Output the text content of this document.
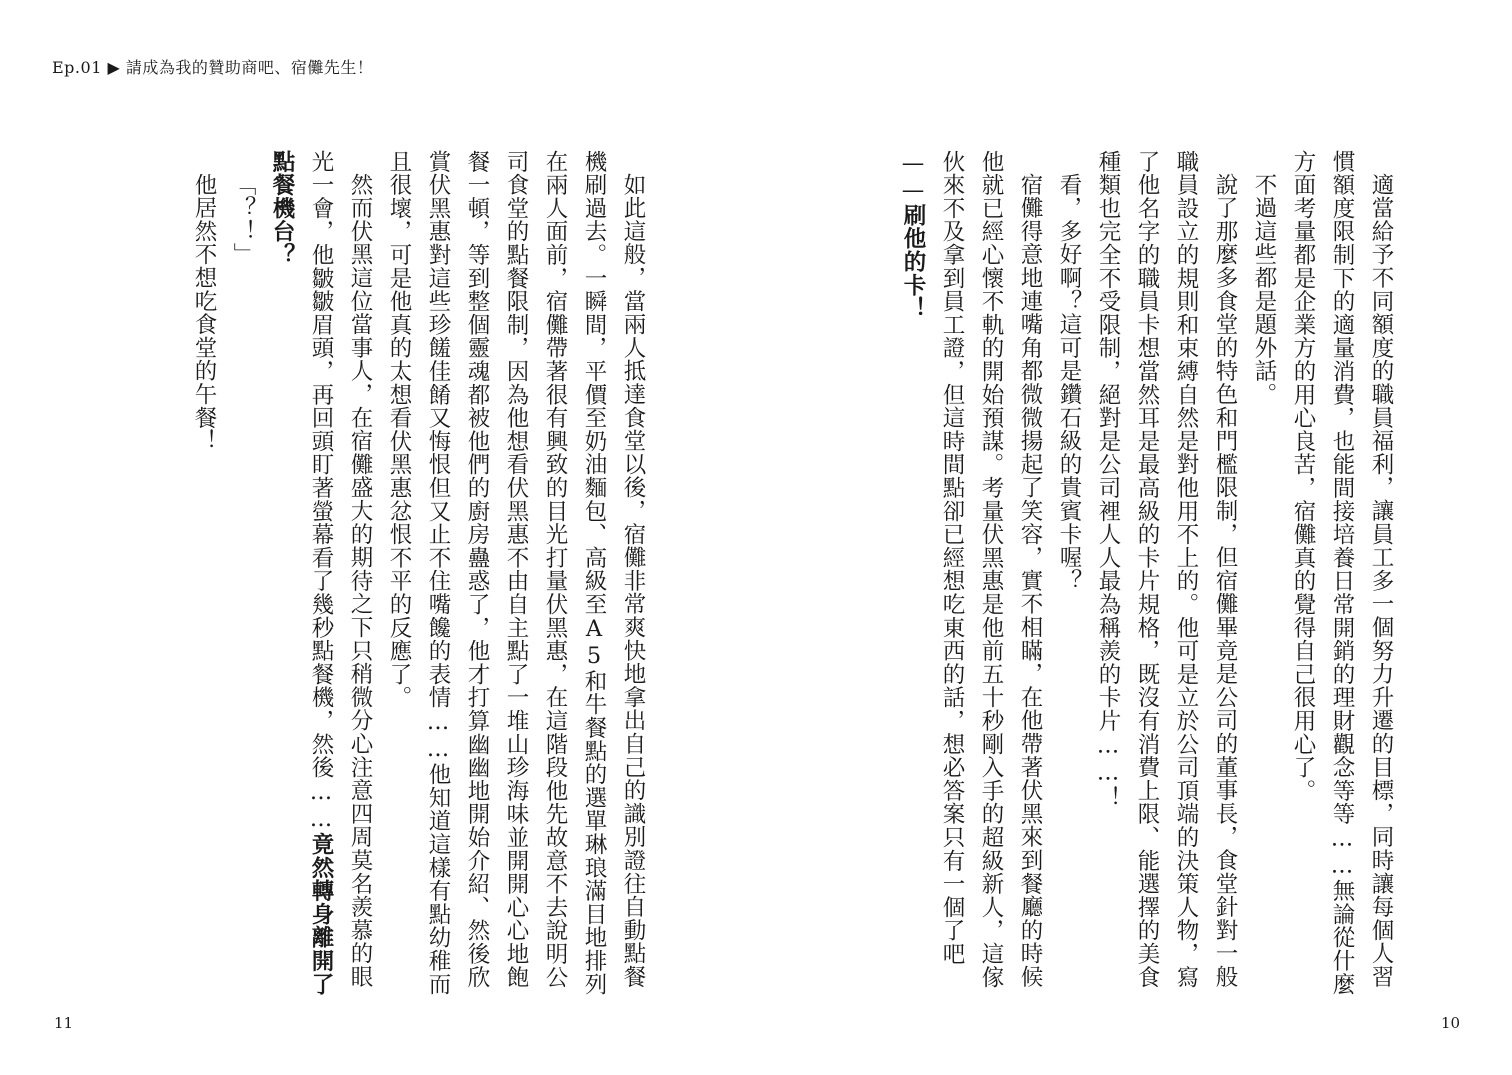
Ep.01 ▶ 請成為我的贊助商吧、宿儺先生！

適當給予不同額度的職員福利，讓員工多一個努力升遷的目標，同時讓每個人習慣額度限制下的適量消費，也能間接培養日常開銷的理財觀念等等……無論從什麼方面考量都是企業方的用心良苦，宿儺真的覺得自己很用心了。

不過這些都是題外話。

說了那麼多食堂的特色和門檻限制，但宿儺畢竟是公司的董事長，食堂針對一般職員設立的規則和束縛自然是對他用不上的。他可是立於公司頂端的決策人物，寫了他名字的職員卡想當然耳是最高級的卡片規格，既沒有消費上限、能選擇的美食種類也完全不受限制，絕對是公司裡人人最為稱羨的卡片……！

看，多好啊？這可是鑽石級的貴賓卡喔？

宿儺得意地連嘴角都微微揚起了笑容，實不相瞞，在他帶著伏黑來到餐廳的時候他就已經心懷不軌的開始預謀。考量伏黑惠是他前五十秒剛入手的超級新人，這傢伙來不及拿到員工證，但這時間點卻已經想吃東西的話，想必答案只有一個了吧——刷他的卡！

如此這般，當兩人抵達食堂以後，宿儺非常爽快地拿出自己的識別證往自動點餐機刷過去。一瞬間，平價至奶油麵包、高級至A5和牛餐點的選單琳琅滿目地排列在兩人面前，宿儺帶著很有興致的目光打量伏黑惠，在這階段他先故意不去說明公司食堂的點餐限制，因為他想看伏黑惠不由自主點了一堆山珍海味並開開心心地飽餐一頓，等到整個靈魂都被他們的廚房蠱惑了，他才打算幽幽地開始介紹、然後欣賞伏黑惠對這些珍饈佳餚又悔恨但又止不住嘴饞的表情……他知道這樣有點幼稚而且很壞，可是他真的太想看伏黑惠忿恨不平的反應了。

然而伏黑這位當事人，在宿儺盛大的期待之下只稍微分心注意四周莫名羨慕的眼光一會，他皺皺眉頭，再回頭盯著螢幕看了幾秒點餐機，然後……竟然轉身離開了點餐機台？

「？！」

他居然不想吃食堂的午餐！

11	10
